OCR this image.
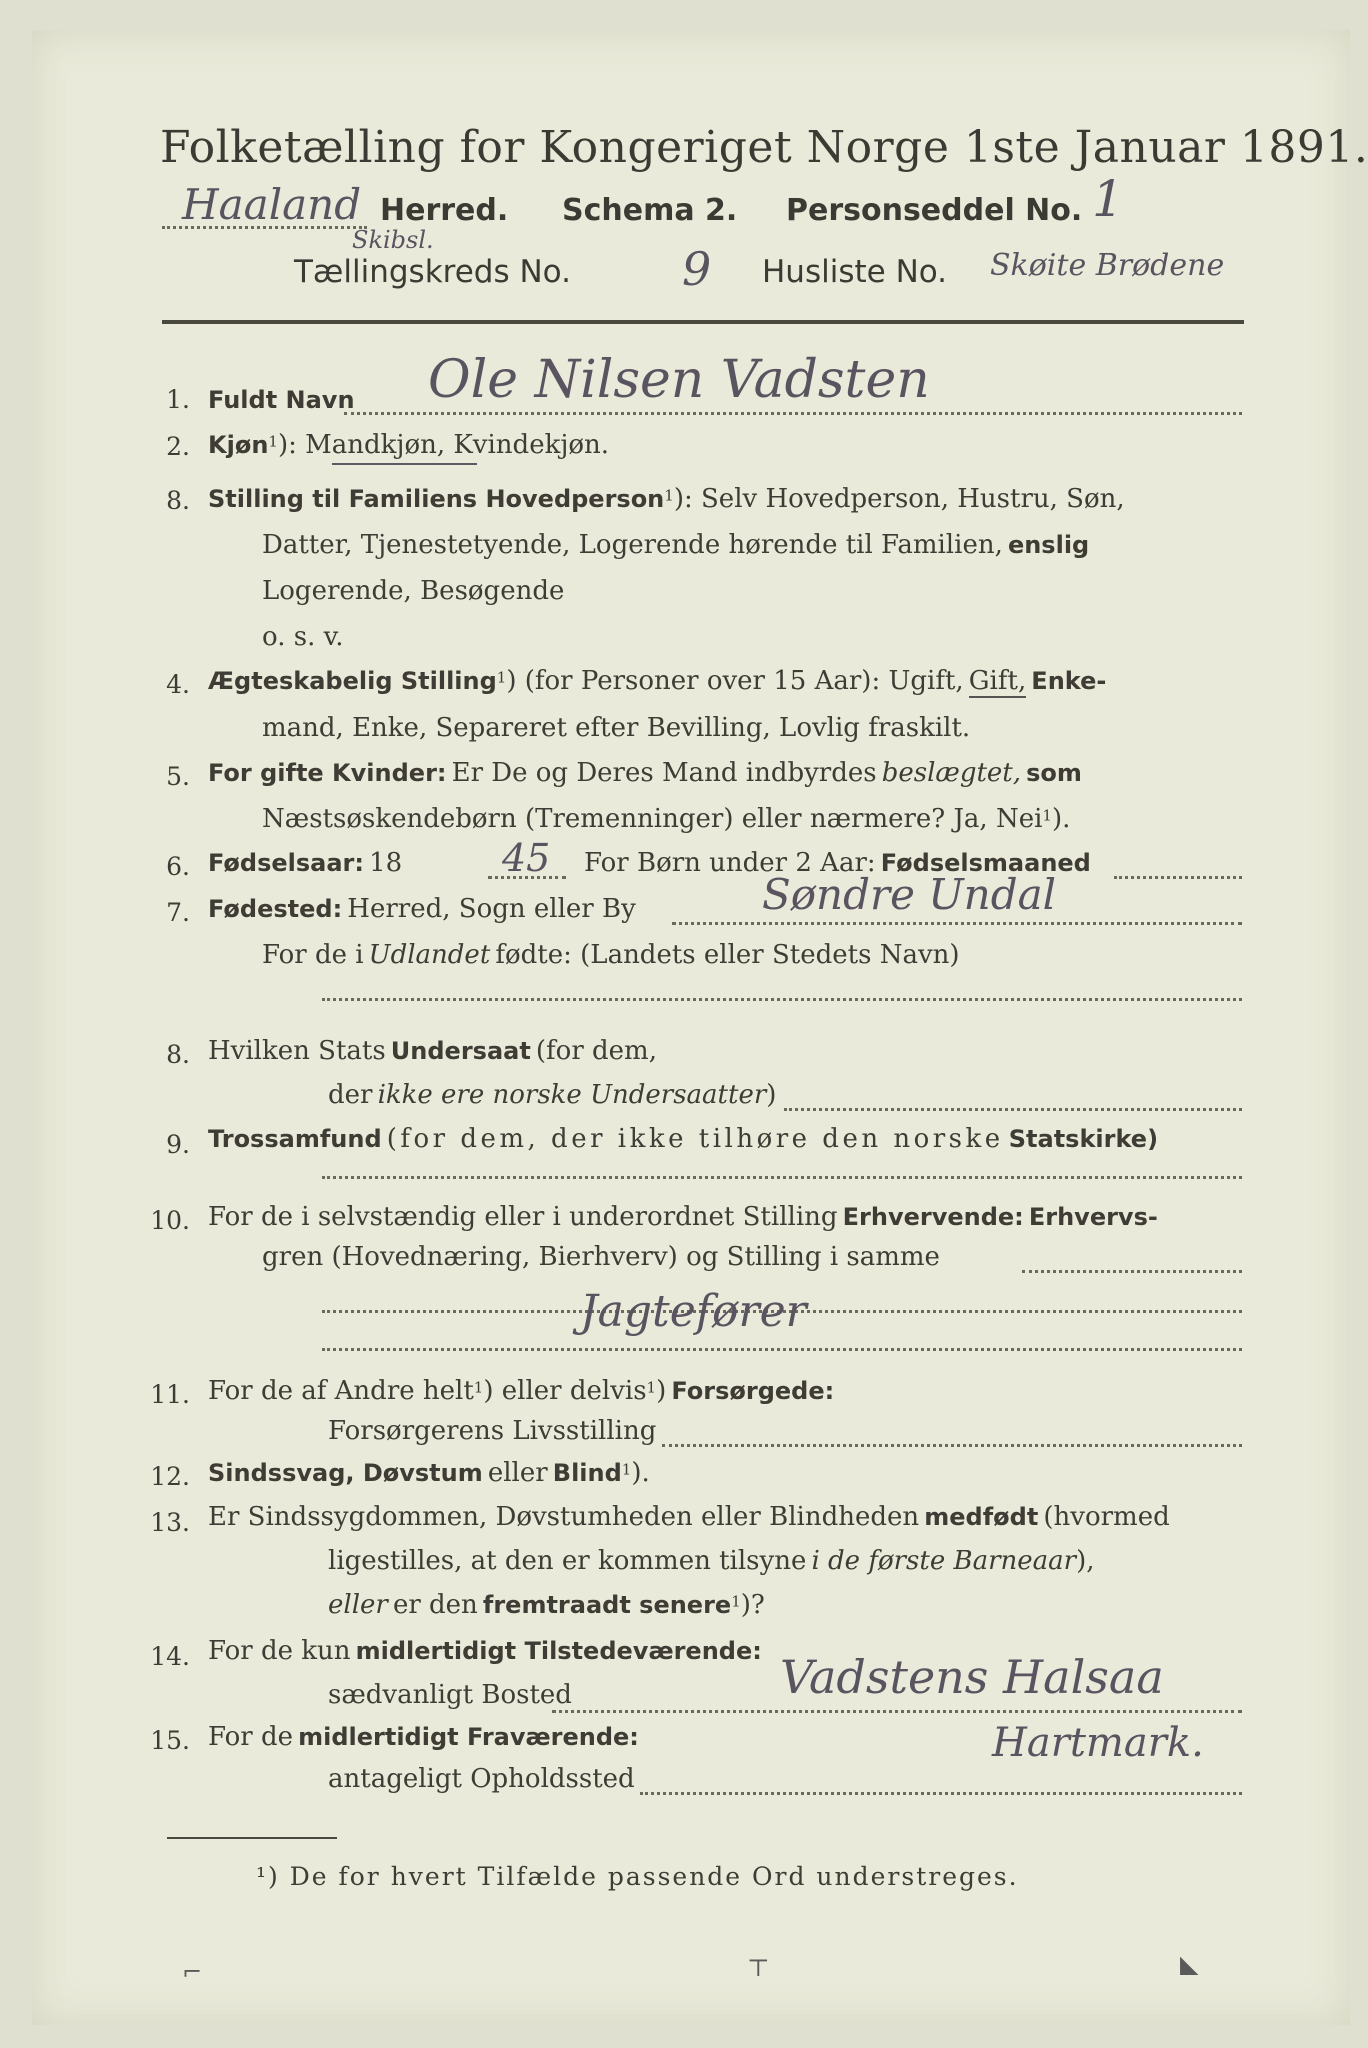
Folketælling for Kongeriget Norge 1ste Januar 1891.
Haaland Herred. Schema 2. Personseddel No. 1
Skibsl.
Tællingskreds No. 9 Husliste No. Skøite Brødene
1. Fuldt Navn Ole Nilsen Vadsten
2. Kjøn$^1$): Mandkjøn, Kvindekjøn.
8. Stilling til Familiens Hovedperson$^1$): Selv Hovedperson, Hustru, Søn,
Datter, Tjenestetyende, Logerende hørende til Familien, enslig
Logerende, Besøgende
o. s. v.
4. Ægteskabelig Stilling$^1$) (for Personer over 15 Aar): Ugift, Gift, Enke-
mand, Enke, Separeret efter Bevilling, Lovlig fraskilt.
5. For gifte Kvinder: Er De og Deres Mand indbyrdes beslægtet, som
Næstsøskendebørn (Tremenninger) eller nærmere? Ja, Nei$^1$).
6. Fødselsaar: 18	45 For Børn under 2 Aar: Fødselsmaaned
7. Fødested: Herred, Sogn eller By	Søndre Undal
For de i Udlandet fødte: (Landets eller Stedets Navn)
8. Hvilken Stats Undersaat (for dem,
der ikke ere norske Undersaatter)
9. Trossamfund (for dem, der ikke tilhøre den norske Statskirke)
10. For de i selvstændig eller i underordnet Stilling Erhvervende: Erhvervs-
gren (Hovednæring, Bierhverv) og Stilling i samme
Jagtefører
11. For de af Andre helt$^1$) eller delvis$^1$) Forsørgede:
Forsørgerens Livsstilling
12. Sindssvag, Døvstum eller Blind$^1$).
13. Er Sindssygdommen, Døvstumheden eller Blindheden medfødt (hvormed
ligestilles, at den er kommen tilsyne i de første Barneaar),
eller er den fremtraadt senere$^1$)?
14. For de kun midlertidigt Tilstedeværende:
sædvanligt Bosted	Vadstens Halsaa
15. For de midlertidigt Fraværende:	Hartmark.
antageligt Opholdssted
¹) De for hvert Tilfælde passende Ord understreges.
⌐	⊤	◣
